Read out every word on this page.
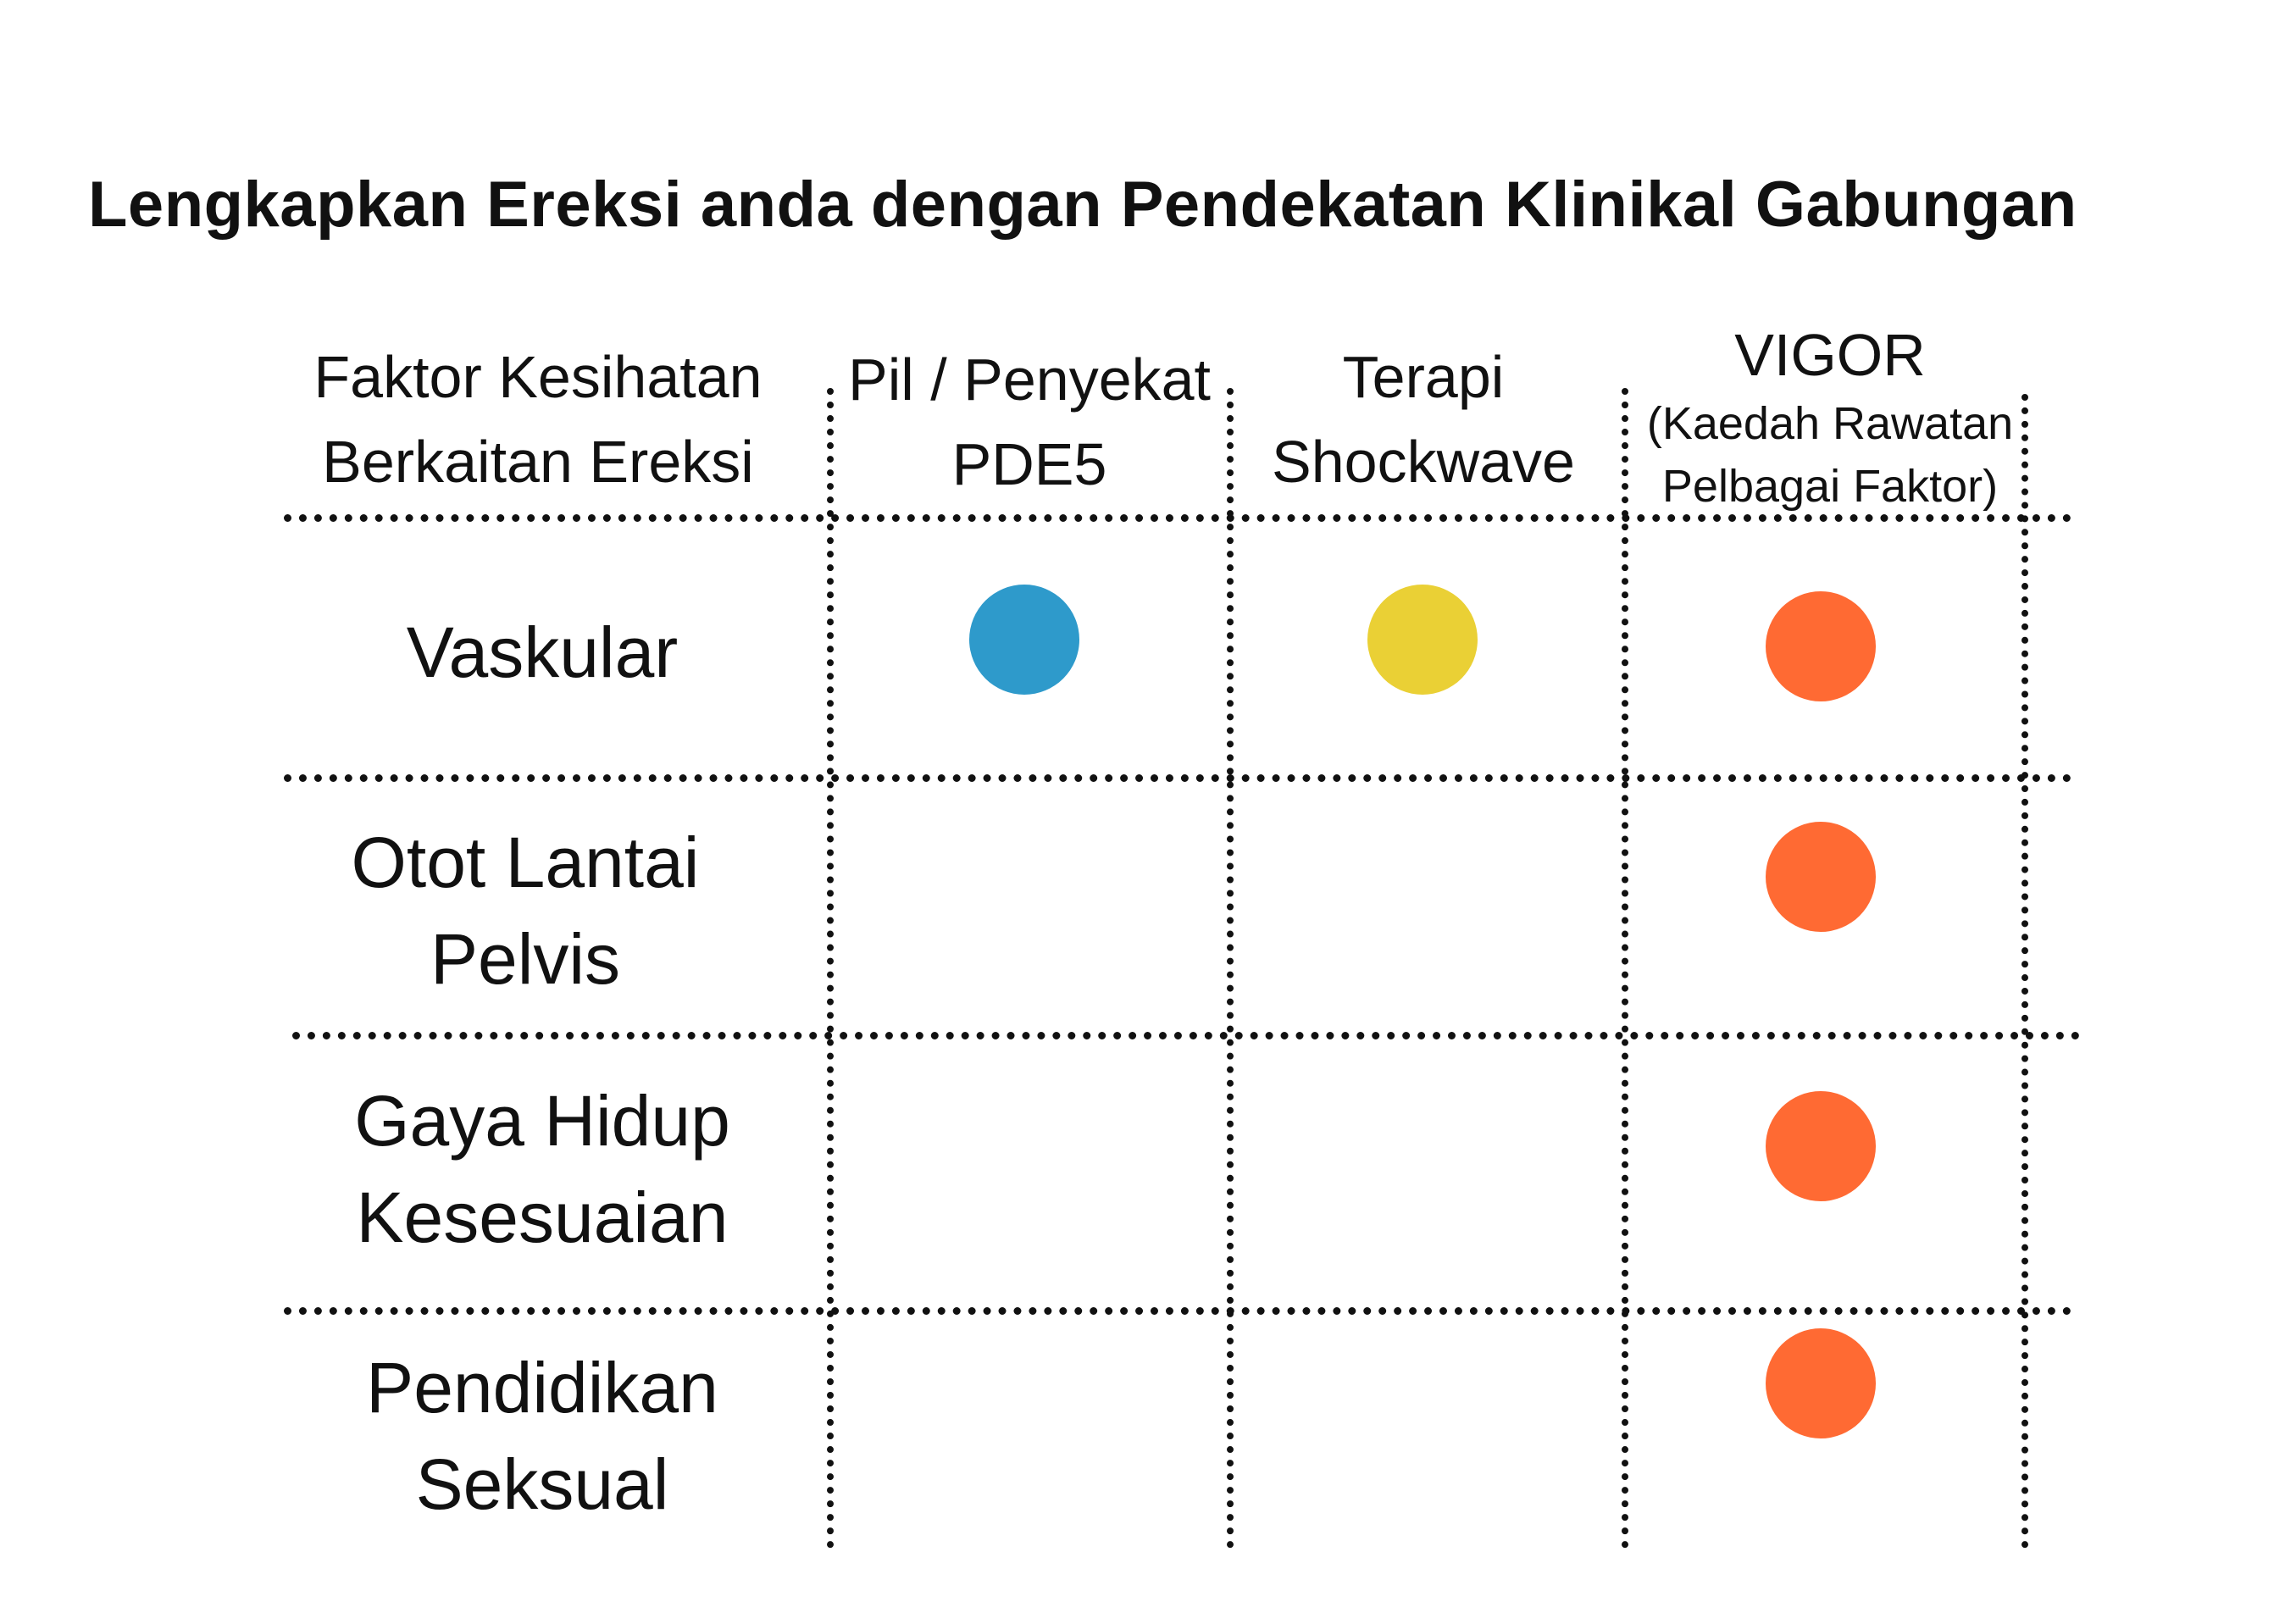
Lengkapkan Ereksi anda dengan Pendekatan Klinikal Gabungan
Faktor Kesihatan
Berkaitan Ereksi
Pil / Penyekat
PDE5
Terapi
Shockwave
VIGOR
(Kaedah Rawatan
Pelbagai Faktor)
Vaskular
Otot Lantai
Pelvis
Gaya Hidup
Kesesuaian
Pendidikan
Seksual
